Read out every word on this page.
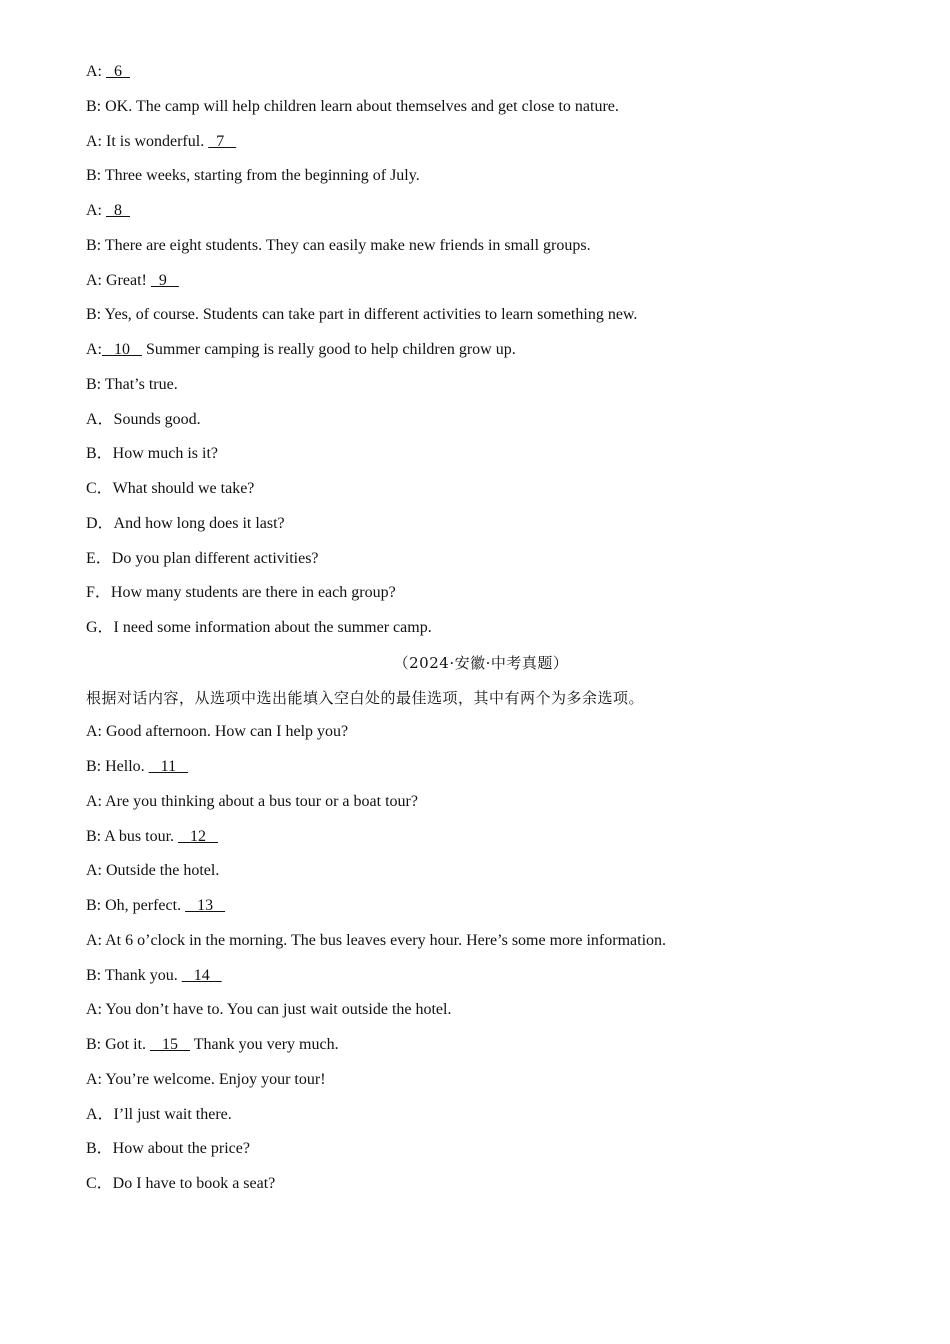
A:   6
B: OK. The camp will help children learn about themselves and get close to nature.
A: It is wonderful.   7
B: Three weeks, starting from the beginning of July.
A:   8
B: There are eight students. They can easily make new friends in small groups.
A: Great!   9
B: Yes, of course. Students can take part in different activities to learn something new.
A:   10    Summer camping is really good to help children grow up.
B: That’s true.
A．Sounds good.
B．How much is it?
C．What should we take?
D．And how long does it last?
E．Do you plan different activities?
F．How many students are there in each group?
G．I need some information about the summer camp.
（2024·安徽·中考真题）
根据对话内容，从选项中选出能填入空白处的最佳选项，其中有两个为多余选项。
A: Good afternoon. How can I help you?
B: Hello.    11
A: Are you thinking about a bus tour or a boat tour?
B: A bus tour.    12
A: Outside the hotel.
B: Oh, perfect.    13
A: At 6 o’clock in the morning. The bus leaves every hour. Here’s some more information.
B: Thank you.    14
A: You don’t have to. You can just wait outside the hotel.
B: Got it.    15    Thank you very much.
A: You’re welcome. Enjoy your tour!
A．I’ll just wait there.
B．How about the price?
C．Do I have to book a seat?
